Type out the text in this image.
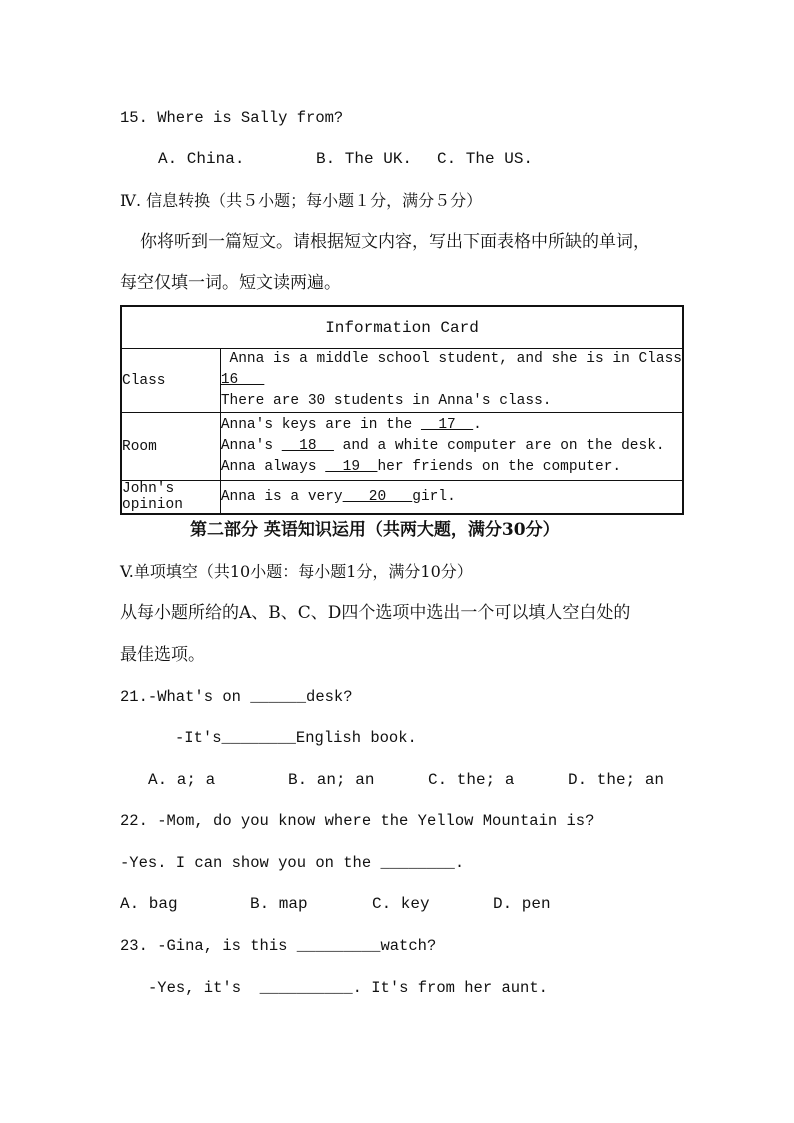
15. Where is Sally from?
A. China.	B. The UK. C. The US.
Ⅳ. 信息转换（共５小题；每小题１分，满分５分）
你将听到一篇短文。请根据短文内容，写出下面表格中所缺的单词，
每空仅填一词。短文读两遍。
Information Card	
Class	Anna is a middle school student, and she is in Class
16
There are 30 students in Anna's class.

Room	Anna's keys are in the   17  .
Anna's   18   and a white computer are on the desk.
Anna always   19  her friends on the computer.

John's opinion	Anna is a very   20   girl.
第二部分 英语知识运用（共两大题，满分30分）
V.单项填空（共10小题：每小题1分，满分10分）
从每小题所给的A、B、C、D四个选项中选出一个可以填人空白处的
最佳选项。
21.-What's on ______desk?
-It's________English book.
A. a; a	B. an; an	C. the; a	D. the; an
22. -Mom, do you know where the Yellow Mountain is?
-Yes. I can show you on the ________.
A. bag	B. map	C. key	D. pen
23. -Gina, is this _________watch?
-Yes, it's  __________. It's from her aunt.
